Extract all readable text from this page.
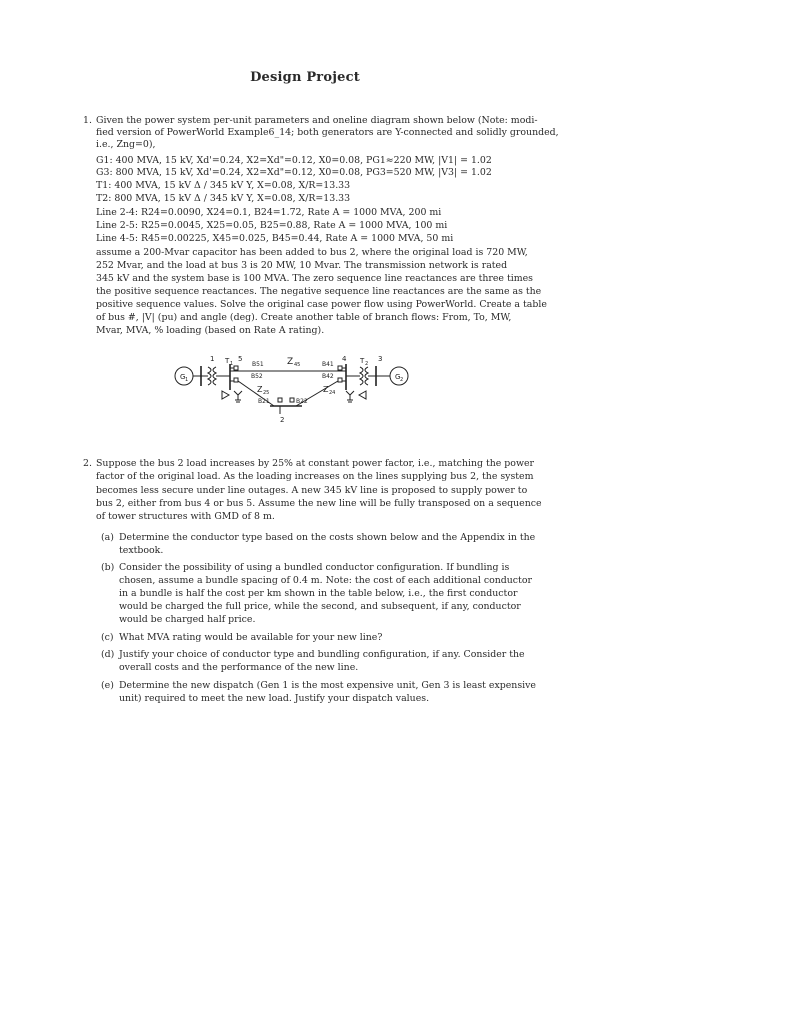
Design Project
1. Given the power system per-unit parameters and oneline diagram shown below (Note: modi-
fied version of PowerWorld Example6_14; both generators are Y-connected and solidly grounded,
i.e., Zng=0),
G1: 400 MVA, 15 kV, Xd'=0.24, X2=Xd"=0.12, X0=0.08, PG1≈220 MW, |V1| = 1.02
G3: 800 MVA, 15 kV, Xd'=0.24, X2=Xd"=0.12, X0=0.08, PG3=520 MW, |V3| = 1.02
T1: 400 MVA, 15 kV Δ / 345 kV Y, X=0.08, X/R=13.33
T2: 800 MVA, 15 kV Δ / 345 kV Y, X=0.08, X/R=13.33
Line 2-4: R24=0.0090, X24=0.1, B24=1.72, Rate A = 1000 MVA, 200 mi
Line 2-5: R25=0.0045, X25=0.05, B25=0.88, Rate A = 1000 MVA, 100 mi
Line 4-5: R45=0.00225, X45=0.025, B45=0.44, Rate A = 1000 MVA, 50 mi
assume a 200-Mvar capacitor has been added to bus 2, where the original load is 720 MW,
252 Mvar, and the load at bus 3 is 20 MW, 10 Mvar. The transmission network is rated
345 kV and the system base is 100 MVA. The zero sequence line reactances are three times
the positive sequence reactances. The negative sequence line reactances are the same as the
positive sequence values. Solve the original case power flow using PowerWorld. Create a table
of bus #, |V| (pu) and angle (deg). Create another table of branch flows: From, To, MW,
Mvar, MVA, % loading (based on Rate A rating).
G 1	G 2
1 T 1
5
B51
B52
Z 45	B41
B42
4 T 2
3
Z 25	Z 24
B21	B22
2
2. Suppose the bus 2 load increases by 25% at constant power factor, i.e., matching the power
factor of the original load. As the loading increases on the lines supplying bus 2, the system
becomes less secure under line outages. A new 345 kV line is proposed to supply power to
bus 2, either from bus 4 or bus 5. Assume the new line will be fully transposed on a sequence
of tower structures with GMD of 8 m.
(a) Determine the conductor type based on the costs shown below and the Appendix in the
textbook.
(b) Consider the possibility of using a bundled conductor configuration. If bundling is
chosen, assume a bundle spacing of 0.4 m. Note: the cost of each additional conductor
in a bundle is half the cost per km shown in the table below, i.e., the first conductor
would be charged the full price, while the second, and subsequent, if any, conductor
would be charged half price.
(c) What MVA rating would be available for your new line?
(d) Justify your choice of conductor type and bundling configuration, if any. Consider the
overall costs and the performance of the new line.
(e) Determine the new dispatch (Gen 1 is the most expensive unit, Gen 3 is least expensive
unit) required to meet the new load. Justify your dispatch values.
